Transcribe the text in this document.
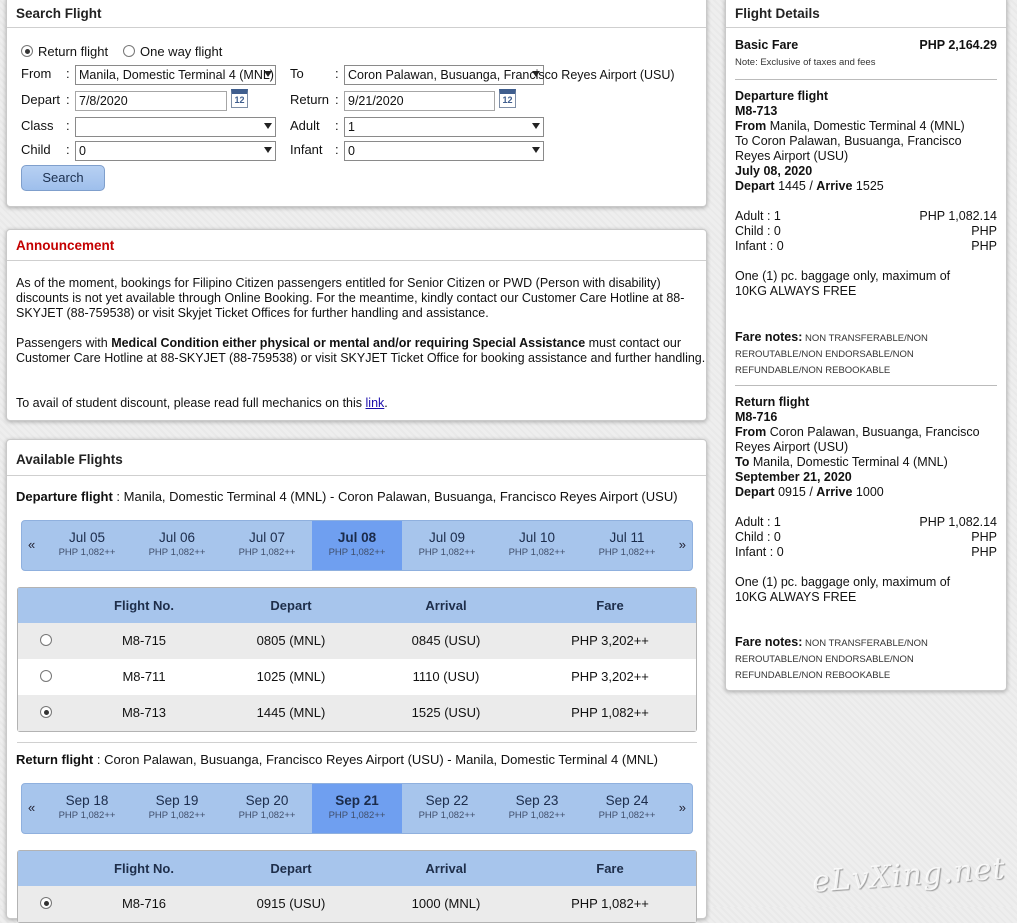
Search Flight
Return flight One way flight
From : Manila, Domestic Terminal 4 (MNL) To : Coron Palawan, Busuanga, Francisco Reyes Airport (USU)
Depart : 7/8/2020	12	Return : 9/21/2020	12
Class :	Adult : 1
Child : 0	Infant : 0
Search
Announcement

As of the moment, bookings for Filipino Citizen passengers entitled for Senior Citizen or PWD (Person with disability) discounts is not yet available through Online Booking. For the meantime, kindly contact our Customer Care Hotline at 88-SKYJET (88-759538) or visit Skyjet Ticket Offices for further handling and assistance.

Passengers with Medical Condition either physical or mental and/or requiring Special Assistance must contact our Customer Care Hotline at 88-SKYJET (88-759538) or visit SKYJET Ticket Office for booking assistance and further handling.

To avail of student discount, please read full mechanics on this link.

Available Flights
Departure flight : Manila, Domestic Terminal 4 (MNL) - Coron Palawan, Busuanga, Francisco Reyes Airport (USU)
«	Jul 05
PHP 1,082++
Jul 06
PHP 1,082++
Jul 07
PHP 1,082++
Jul 08
PHP 1,082++
Jul 09
PHP 1,082++
Jul 10
PHP 1,082++
Jul 11
PHP 1,082++
»
Flight No.	Depart	Arrival	Fare
M8-715	0805 (MNL)	0845 (USU)	PHP 3,202++
M8-711	1025 (MNL)	1110 (USU)	PHP 3,202++
M8-713	1445 (MNL)	1525 (USU)	PHP 1,082++
Return flight : Coron Palawan, Busuanga, Francisco Reyes Airport (USU) - Manila, Domestic Terminal 4 (MNL)
«	Sep 18
PHP 1,082++
Sep 19
PHP 1,082++
Sep 20
PHP 1,082++
Sep 21
PHP 1,082++
Sep 22
PHP 1,082++
Sep 23
PHP 1,082++
Sep 24
PHP 1,082++
»
Flight No.	Depart	Arrival	Fare
M8-716	0915 (USU)	1000 (MNL)	PHP 1,082++
Flight Details
Basic Fare	PHP 2,164.29
Note: Exclusive of taxes and fees
Departure flight
M8-713
From Manila, Domestic Terminal 4 (MNL)
To Coron Palawan, Busuanga, Francisco Reyes Airport (USU)
July 08, 2020
Depart 1445 / Arrive 1525
Adult : 1	PHP 1,082.14
Child : 0	PHP
Infant : 0	PHP
One (1) pc. baggage only, maximum of 10KG ALWAYS FREE
Fare notes: NON TRANSFERABLE/NON REROUTABLE/NON ENDORSABLE/NON REFUNDABLE/NON REBOOKABLE
Return flight
M8-716
From Coron Palawan, Busuanga, Francisco Reyes Airport (USU)
To Manila, Domestic Terminal 4 (MNL)
September 21, 2020
Depart 0915 / Arrive 1000
Adult : 1	PHP 1,082.14
Child : 0	PHP
Infant : 0	PHP
One (1) pc. baggage only, maximum of 10KG ALWAYS FREE
Fare notes: NON TRANSFERABLE/NON REROUTABLE/NON ENDORSABLE/NON REFUNDABLE/NON REBOOKABLE
eLvXing.net
